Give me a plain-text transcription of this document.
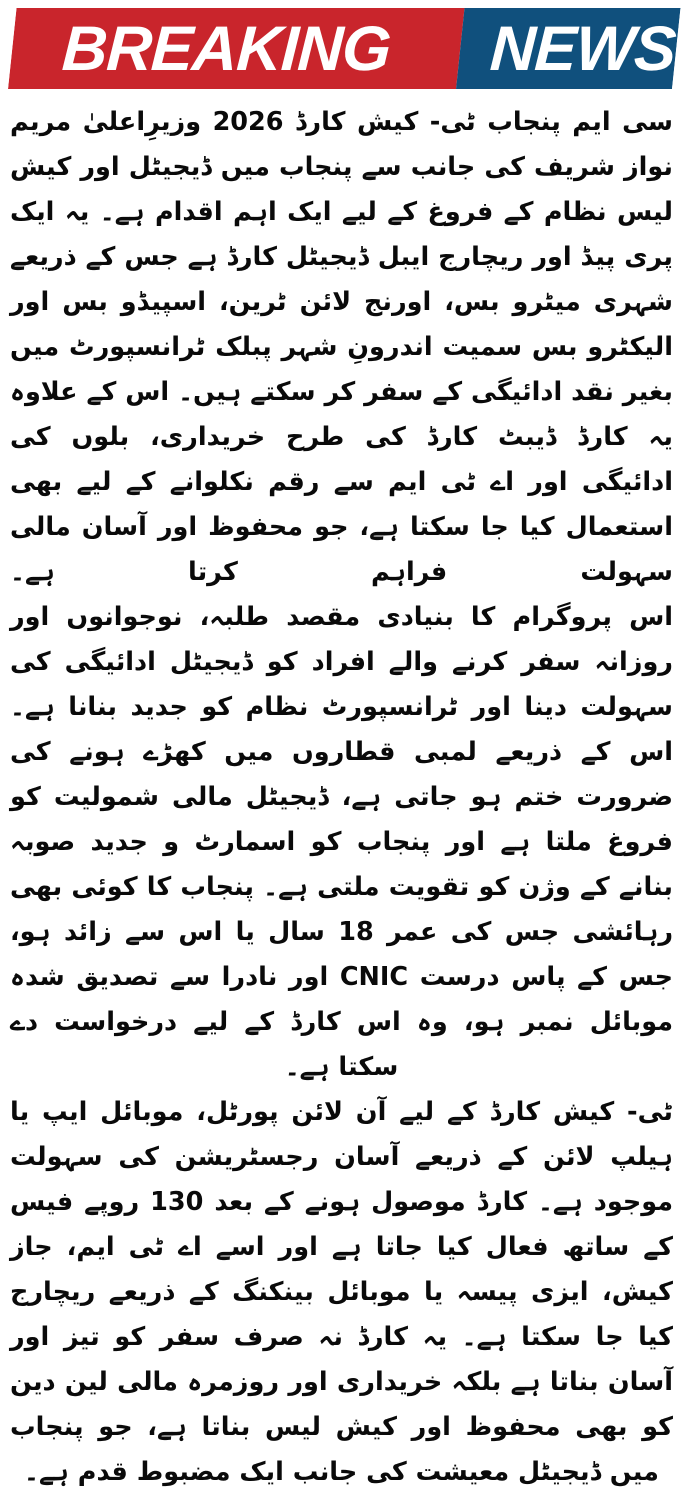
BREAKING NEWS

سی ایم پنجاب ٹی- کیش کارڈ 2026 وزیرِاعلیٰ مریم نواز شریف کی جانب سے پنجاب میں ڈیجیٹل اور کیش لیس نظام کے فروغ کے لیے ایک اہم اقدام ہے۔ یہ ایک پری پیڈ اور ریچارج ایبل ڈیجیٹل کارڈ ہے جس کے ذریعے شہری میٹرو بس، اورنج لائن ٹرین، اسپیڈو بس اور الیکٹرو بس سمیت اندرونِ شہر پبلک ٹرانسپورٹ میں بغیر نقد ادائیگی کے سفر کر سکتے ہیں۔ اس کے علاوہ یہ کارڈ ڈیبٹ کارڈ کی طرح خریداری، بلوں کی ادائیگی اور اے ٹی ایم سے رقم نکلوانے کے لیے بھی استعمال کیا جا سکتا ہے، جو محفوظ اور آسان مالی سہولت فراہم کرتا ہے۔

اس پروگرام کا بنیادی مقصد طلبہ، نوجوانوں اور روزانہ سفر کرنے والے افراد کو ڈیجیٹل ادائیگی کی سہولت دینا اور ٹرانسپورٹ نظام کو جدید بنانا ہے۔ اس کے ذریعے لمبی قطاروں میں کھڑے ہونے کی ضرورت ختم ہو جاتی ہے، ڈیجیٹل مالی شمولیت کو فروغ ملتا ہے اور پنجاب کو اسمارٹ و جدید صوبہ بنانے کے وژن کو تقویت ملتی ہے۔ پنجاب کا کوئی بھی رہائشی جس کی عمر 18 سال یا اس سے زائد ہو، جس کے پاس درست CNIC اور نادرا سے تصدیق شدہ موبائل نمبر ہو، وہ اس کارڈ کے لیے درخواست دے سکتا ہے۔

ٹی- کیش کارڈ کے لیے آن لائن پورٹل، موبائل ایپ یا ہیلپ لائن کے ذریعے آسان رجسٹریشن کی سہولت موجود ہے۔ کارڈ موصول ہونے کے بعد 130 روپے فیس کے ساتھ فعال کیا جاتا ہے اور اسے اے ٹی ایم، جاز کیش، ایزی پیسہ یا موبائل بینکنگ کے ذریعے ریچارج کیا جا سکتا ہے۔ یہ کارڈ نہ صرف سفر کو تیز اور آسان بناتا ہے بلکہ خریداری اور روزمرہ مالی لین دین کو بھی محفوظ اور کیش لیس بناتا ہے، جو پنجاب میں ڈیجیٹل معیشت کی جانب ایک مضبوط قدم ہے۔
